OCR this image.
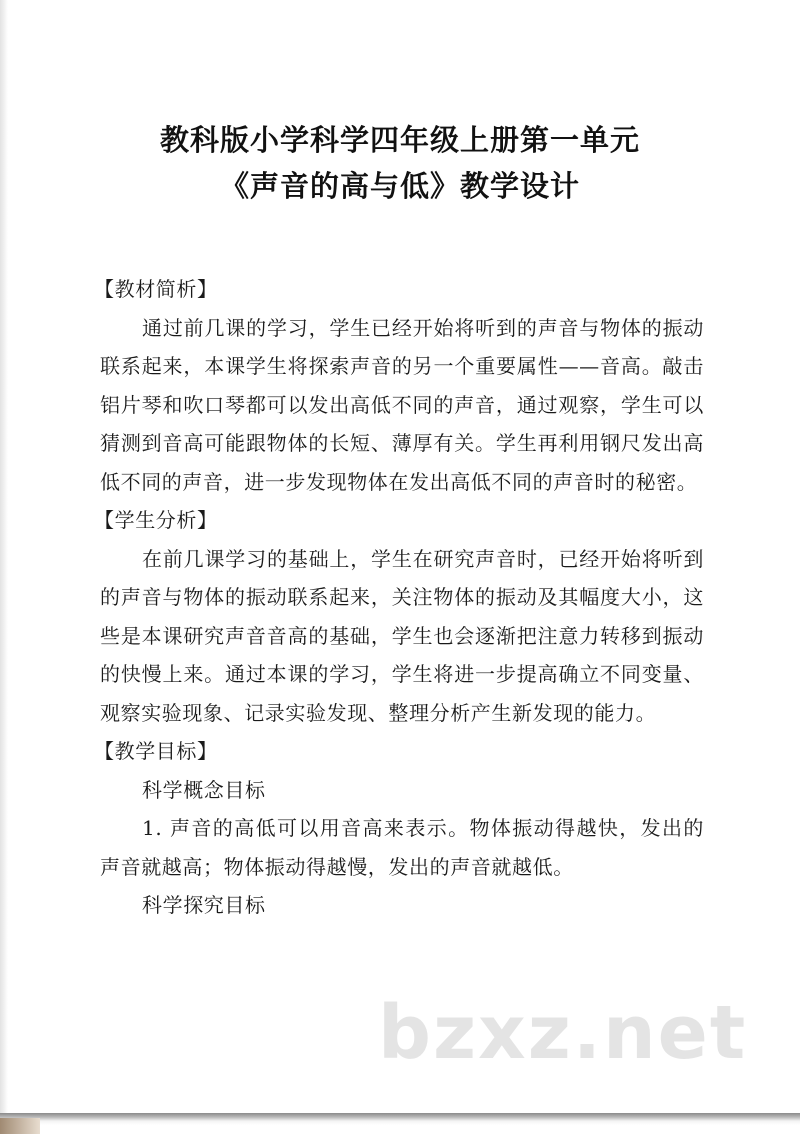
教科版小学科学四年级上册第一单元
《声音的高与低》教学设计
【教材简析】
通过前几课的学习，学生已经开始将听到的声音与物体的振动联系起来，本课学生将探索声音的另一个重要属性——音高。敲击铝片琴和吹口琴都可以发出高低不同的声音，通过观察，学生可以猜测到音高可能跟物体的长短、薄厚有关。学生再利用钢尺发出高低不同的声音，进一步发现物体在发出高低不同的声音时的秘密。
【学生分析】
在前几课学习的基础上，学生在研究声音时，已经开始将听到的声音与物体的振动联系起来，关注物体的振动及其幅度大小，这些是本课研究声音音高的基础，学生也会逐渐把注意力转移到振动的快慢上来。通过本课的学习，学生将进一步提高确立不同变量、观察实验现象、记录实验发现、整理分析产生新发现的能力。
【教学目标】
科学概念目标
1. 声音的高低可以用音高来表示。物体振动得越快，发出的声音就越高；物体振动得越慢，发出的声音就越低。
科学探究目标
bzxz.net
